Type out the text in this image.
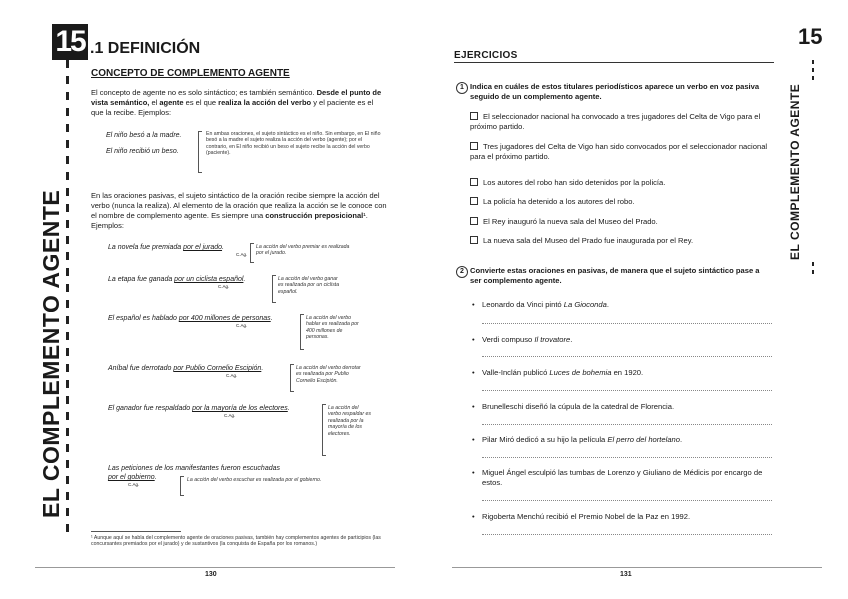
EL COMPLEMENTO AGENTE
15 .1 DEFINICIÓN
CONCEPTO DE COMPLEMENTO AGENTE
El concepto de agente no es solo sintáctico; es también semántico. Desde el punto de vista semántico, el agente es el que realiza la acción del verbo y el paciente es el que la recibe. Ejemplos:
El niño besó a la madre.
El niño recibió un beso.
En ambas oraciones, el sujeto sintáctico es el niño. Sin embargo, en El niño besó a la madre el sujeto realiza la acción del verbo (agente); por el contrario, en El niño recibió un beso el sujeto recibe la acción del verbo (paciente).
En las oraciones pasivas, el sujeto sintáctico de la oración recibe siempre la acción del verbo (nunca la realiza). Al elemento de la oración que realiza la acción se le conoce con el nombre de complemento agente. Es siempre una construcción preposicional¹. Ejemplos:
La novela fue premiada por el jurado.
C.Ag.
La acción del verbo premiar es realizada por el jurado.
La etapa fue ganada por un ciclista español.
C.Ag.
La acción del verbo ganar es realizada por un ciclista español.
El español es hablado por 400 millones de personas.
C.Ag.
La acción del verbo hablar es realizada por 400 millones de personas.
Aníbal fue derrotado por Publio Cornelio Escipión.
C.Ag.
La acción del verbo derrotar es realizada por Publio Cornelio Escipión.
El ganador fue respaldado por la mayoría de los electores.
C.Ag.
La acción del verbo respaldar es realizada por la mayoría de los electores.
Las peticiones de los manifestantes fueron escuchadas
por el gobierno.
C.Ag.
La acción del verbo escuchar es realizada por el gobierno.
¹ Aunque aquí se habla del complemento agente de oraciones pasivas, también hay complementos agentes de participios (las concursantes premiados por el jurado) y de sustantivos (la conquista de España por los romanos.)
130
15
EL COMPLEMENTO AGENTE
EJERCICIOS
1 Indica en cuáles de estos titulares periodísticos aparece un verbo en voz pasiva seguido de un complemento agente.
El seleccionador nacional ha convocado a tres jugadores del Celta de Vigo para el próximo partido.
Tres jugadores del Celta de Vigo han sido convocados por el seleccionador nacional para el próximo partido.
Los autores del robo han sido detenidos por la policía.
La policía ha detenido a los autores del robo.
El Rey inauguró la nueva sala del Museo del Prado.
La nueva sala del Museo del Prado fue inaugurada por el Rey.
2 Convierte estas oraciones en pasivas, de manera que el sujeto sintáctico pase a ser complemento agente.
• Leonardo da Vinci pintó La Gioconda.
• Verdi compuso Il trovatore.
• Valle-Inclán publicó Luces de bohemia en 1920.
• Brunelleschi diseñó la cúpula de la catedral de Florencia.
• Pilar Miró dedicó a su hijo la película El perro del hortelano.
• Miguel Ángel esculpió las tumbas de Lorenzo y Giuliano de Médicis por encargo de estos.
• Rigoberta Menchú recibió el Premio Nobel de la Paz en 1992.
131
